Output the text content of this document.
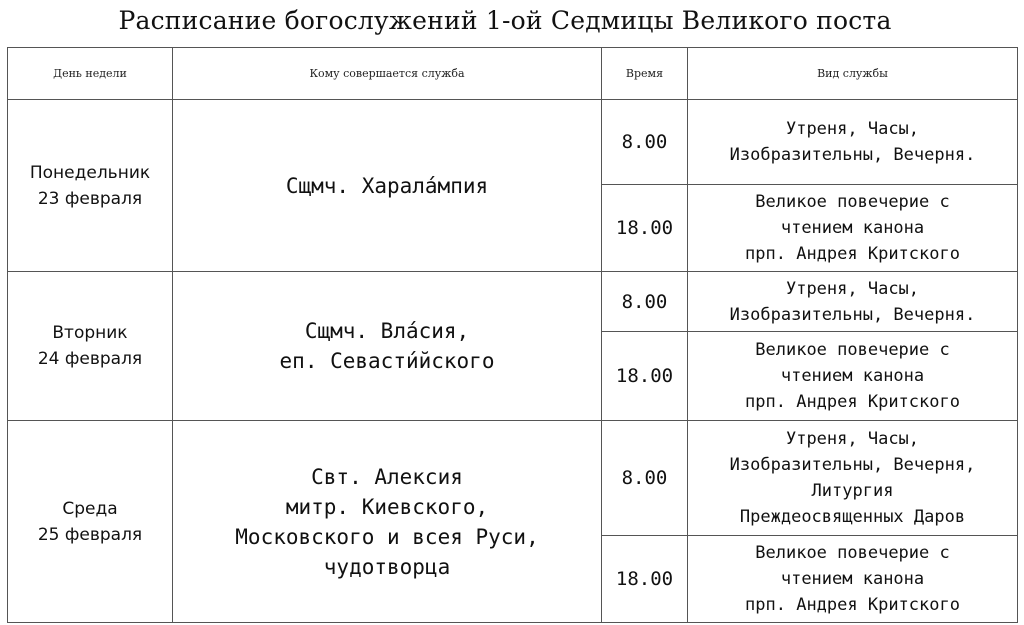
Расписание богослужений 1-ой Седмицы Великого поста
День недели	Кому совершается служба	Время	Вид службы

Понедельник
23 февраля	Сщмч. Харала́мпия	8.00	Утреня, Часы,
Изобразительны, Вечерня.

		18.00	Великое повечерие с
чтением канона
прп. Андрея Критского

Вторник
24 февраля	Сщмч. Вла́сия,
еп. Севасти́йского	8.00	Утреня, Часы,
Изобразительны, Вечерня.

		18.00	Великое повечерие с
чтением канона
прп. Андрея Критского

Среда
25 февраля	Свт. Алексия
митр. Киевского,
Московского и всея Руси,
чудотворца	8.00	Утреня, Часы,
Изобразительны, Вечерня,
Литургия
Преждеосвященных Даров

		18.00	Великое повечерие с
чтением канона
прп. Андрея Критского
